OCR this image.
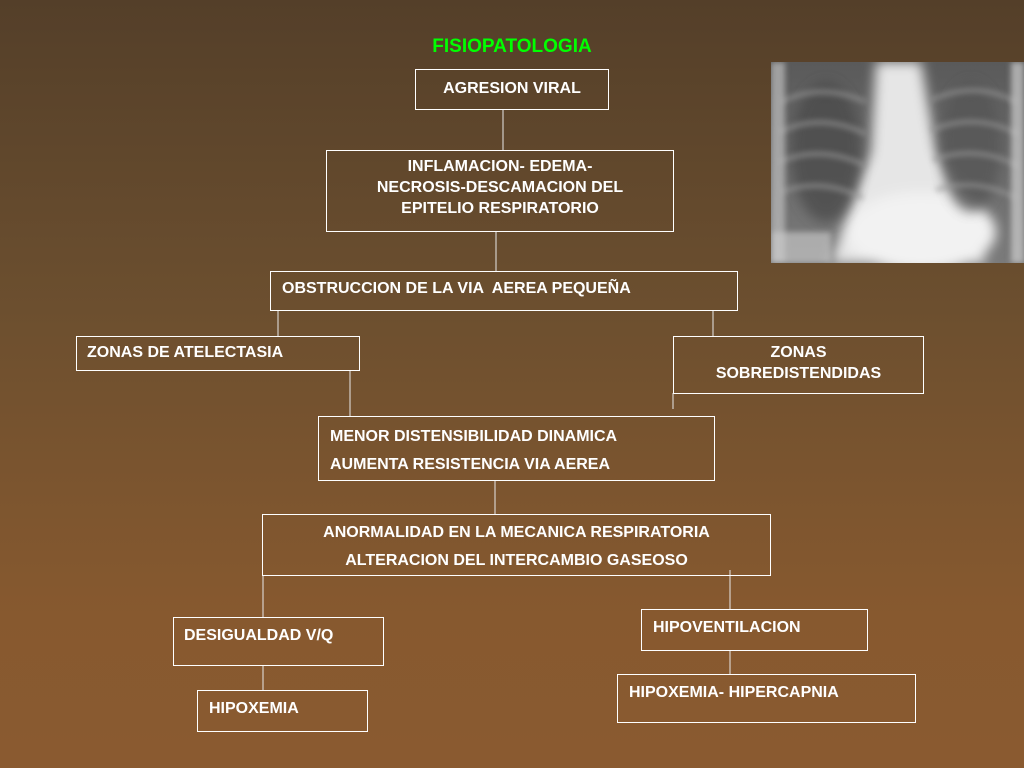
FISIOPATOLOGIA
AGRESION VIRAL
INFLAMACION- EDEMA-
NECROSIS-DESCAMACION DEL
EPITELIO RESPIRATORIO
OBSTRUCCION DE LA VIA  AEREA PEQUEÑA
ZONAS DE ATELECTASIA	ZONAS
SOBREDISTENDIDAS
MENOR DISTENSIBILIDAD DINAMICA
AUMENTA RESISTENCIA VIA AEREA
ANORMALIDAD EN LA MECANICA RESPIRATORIA
ALTERACION DEL INTERCAMBIO GASEOSO
DESIGUALDAD V/Q	HIPOVENTILACION
HIPOXEMIA
HIPOXEMIA- HIPERCAPNIA
